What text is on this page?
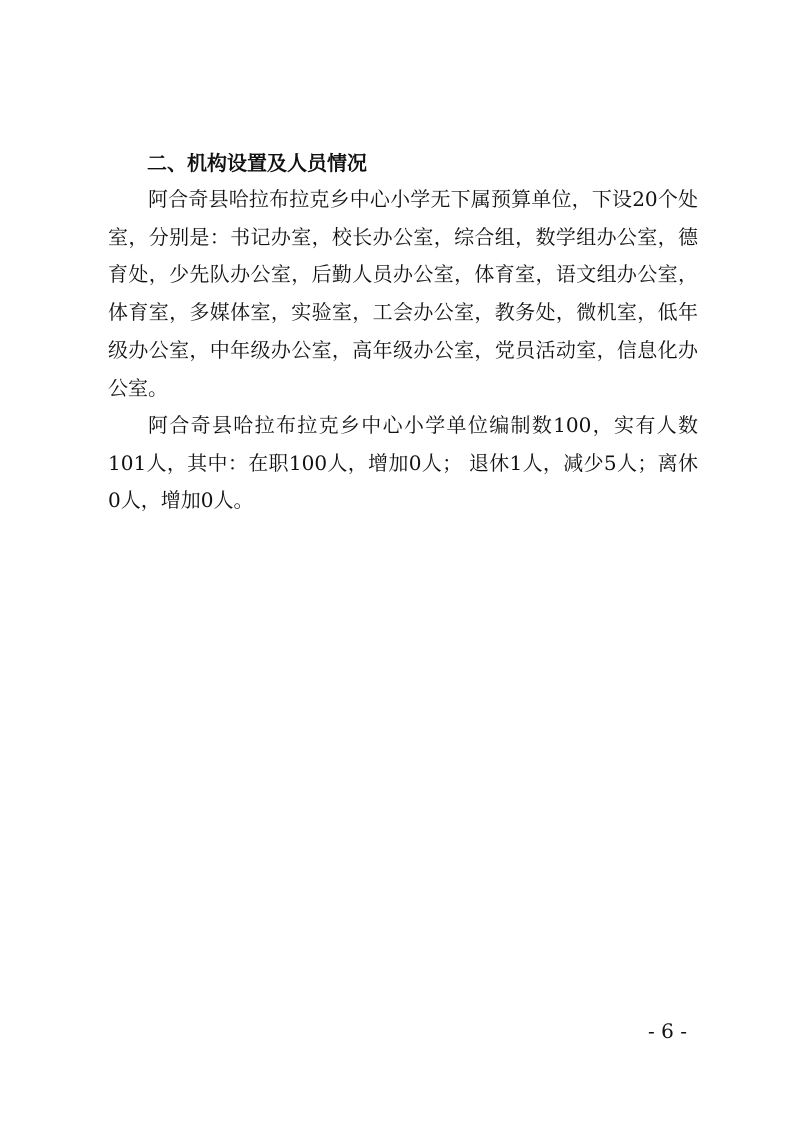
二、机构设置及人员情况

阿合奇县哈拉布拉克乡中心小学无下属预算单位，下设20个处室，分别是：书记办室，校长办公室，综合组，数学组办公室，德育处，少先队办公室，后勤人员办公室，体育室，语文组办公室，体育室，多媒体室，实验室，工会办公室，教务处，微机室，低年级办公室，中年级办公室，高年级办公室，党员活动室，信息化办公室。

阿合奇县哈拉布拉克乡中心小学单位编制数100，实有人数101人，其中：在职100人，增加0人； 退休1人，减少5人；离休0人，增加0人。

- 6 -
